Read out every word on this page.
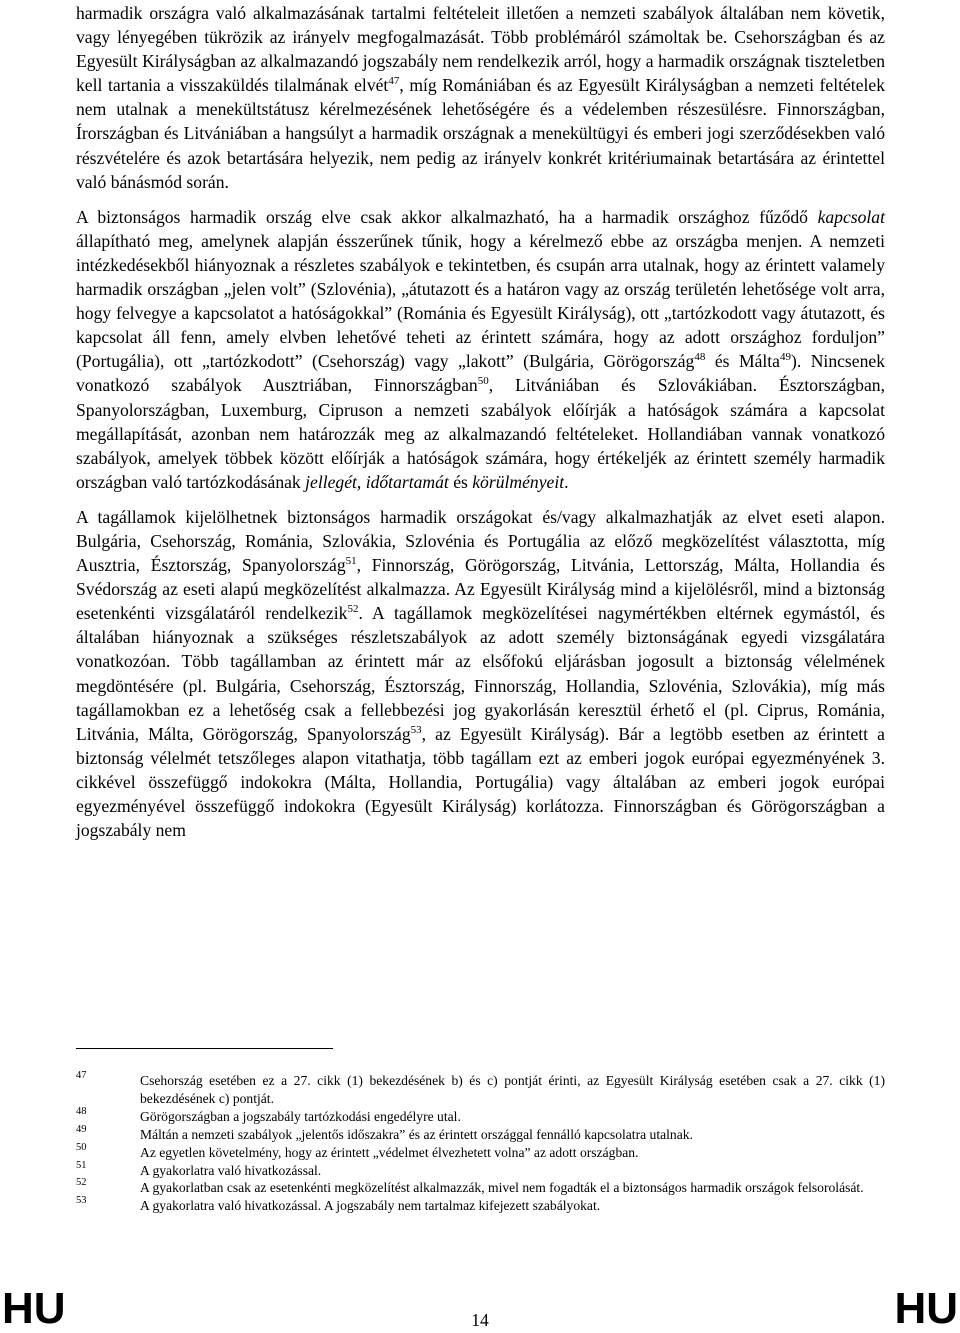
harmadik országra való alkalmazásának tartalmi feltételeit illetően a nemzeti szabályok általában nem követik, vagy lényegében tükrözik az irányelv megfogalmazását. Több problémáról számoltak be. Csehországban és az Egyesült Királyságban az alkalmazandó jogszabály nem rendelkezik arról, hogy a harmadik országnak tiszteletben kell tartania a visszaküldés tilalmának elvét$^{47}$, míg Romániában és az Egyesült Királyságban a nemzeti feltételek nem utalnak a menekültstátusz kérelmezésének lehetőségére és a védelemben részesülésre. Finnországban, Írországban és Litvániában a hangsúlyt a harmadik országnak a menekültügyi és emberi jogi szerződésekben való részvételére és azok betartására helyezik, nem pedig az irányelv konkrét kritériumainak betartására az érintettel való bánásmód során.

A biztonságos harmadik ország elve csak akkor alkalmazható, ha a harmadik országhoz fűződő kapcsolat állapítható meg, amelynek alapján ésszerűnek tűnik, hogy a kérelmező ebbe az országba menjen. A nemzeti intézkedésekből hiányoznak a részletes szabályok e tekintetben, és csupán arra utalnak, hogy az érintett valamely harmadik országban „jelen volt” (Szlovénia), „átutazott és a határon vagy az ország területén lehetősége volt arra, hogy felvegye a kapcsolatot a hatóságokkal” (Románia és Egyesült Királyság), ott „tartózkodott vagy átutazott, és kapcsolat áll fenn, amely elvben lehetővé teheti az érintett számára, hogy az adott országhoz forduljon” (Portugália), ott „tartózkodott” (Csehország) vagy „lakott” (Bulgária, Görögország$^{48}$ és Málta$^{49}$). Nincsenek vonatkozó szabályok Ausztriában, Finnországban$^{50}$, Litvániában és Szlovákiában. Észtországban, Spanyolországban, Luxemburg, Cipruson a nemzeti szabályok előírják a hatóságok számára a kapcsolat megállapítását, azonban nem határozzák meg az alkalmazandó feltételeket. Hollandiában vannak vonatkozó szabályok, amelyek többek között előírják a hatóságok számára, hogy értékeljék az érintett személy harmadik országban való tartózkodásának jellegét, időtartamát és körülményeit.

A tagállamok kijelölhetnek biztonságos harmadik országokat és/vagy alkalmazhatják az elvet eseti alapon. Bulgária, Csehország, Románia, Szlovákia, Szlovénia és Portugália az előző megközelítést választotta, míg Ausztria, Észtország, Spanyolország$^{51}$, Finnország, Görögország, Litvánia, Lettország, Málta, Hollandia és Svédország az eseti alapú megközelítést alkalmazza. Az Egyesült Királyság mind a kijelölésről, mind a biztonság esetenkénti vizsgálatáról rendelkezik$^{52}$. A tagállamok megközelítései nagymértékben eltérnek egymástól, és általában hiányoznak a szükséges részletszabályok az adott személy biztonságának egyedi vizsgálatára vonatkozóan. Több tagállamban az érintett már az elsőfokú eljárásban jogosult a biztonság vélelmének megdöntésére (pl. Bulgária, Csehország, Észtország, Finnország, Hollandia, Szlovénia, Szlovákia), míg más tagállamokban ez a lehetőség csak a fellebbezési jog gyakorlásán keresztül érhető el (pl. Ciprus, Románia, Litvánia, Málta, Görögország, Spanyolország$^{53}$, az Egyesült Királyság). Bár a legtöbb esetben az érintett a biztonság vélelmét tetszőleges alapon vitathatja, több tagállam ezt az emberi jogok európai egyezményének 3. cikkével összefüggő indokokra (Málta, Hollandia, Portugália) vagy általában az emberi jogok európai egyezményével összefüggő indokokra (Egyesült Királyság) korlátozza. Finnországban és Görögországban a jogszabály nem

47	Csehország esetében ez a 27. cikk (1) bekezdésének b) és c) pontját érinti, az Egyesült Királyság esetében csak a 27. cikk (1) bekezdésének c) pontját.
48	Görögországban a jogszabály tartózkodási engedélyre utal.
49	Máltán a nemzeti szabályok „jelentős időszakra” és az érintett országgal fennálló kapcsolatra utalnak.
50	Az egyetlen követelmény, hogy az érintett „védelmet élvezhetett volna” az adott országban.
51	A gyakorlatra való hivatkozással.
52	A gyakorlatban csak az esetenkénti megközelítést alkalmazzák, mivel nem fogadták el a biztonságos harmadik országok felsorolását.
53	A gyakorlatra való hivatkozással. A jogszabály nem tartalmaz kifejezett szabályokat.
HU	14	HU
